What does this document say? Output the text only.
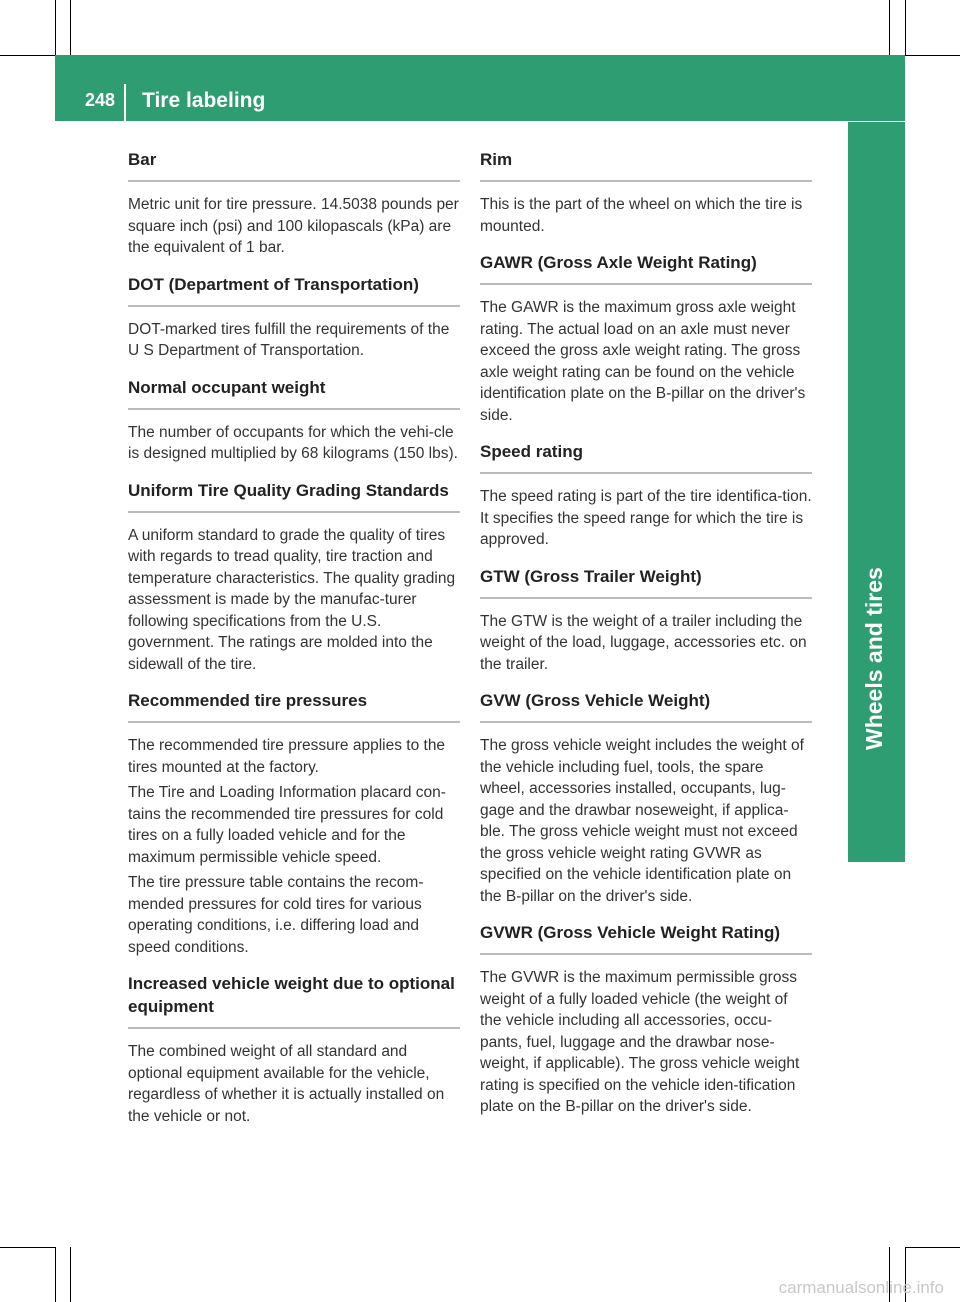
248 Tire labeling
Wheels and tires
Bar

Metric unit for tire pressure. 14.5038 pounds per square inch (psi) and 100 kilopascals (kPa) are the equivalent of 1 bar.

DOT (Department of Transportation)

DOT-marked tires fulfill the requirements of the U S Department of Transportation.

Normal occupant weight

The number of occupants for which the vehi-cle is designed multiplied by 68 kilograms (150 lbs).

Uniform Tire Quality Grading Standards

A uniform standard to grade the quality of tires with regards to tread quality, tire traction and temperature characteristics. The quality grading assessment is made by the manufac-turer following specifications from the U.S. government. The ratings are molded into the sidewall of the tire.

Recommended tire pressures

The recommended tire pressure applies to the tires mounted at the factory.

The Tire and Loading Information placard con-tains the recommended tire pressures for cold tires on a fully loaded vehicle and for the maximum permissible vehicle speed.

The tire pressure table contains the recom-mended pressures for cold tires for various operating conditions, i.e. differing load and speed conditions.

Increased vehicle weight due to optional equipment

The combined weight of all standard and optional equipment available for the vehicle, regardless of whether it is actually installed on the vehicle or not.

Rim

This is the part of the wheel on which the tire is mounted.

GAWR (Gross Axle Weight Rating)

The GAWR is the maximum gross axle weight rating. The actual load on an axle must never exceed the gross axle weight rating. The gross axle weight rating can be found on the vehicle identification plate on the B-pillar on the driver's side.

Speed rating

The speed rating is part of the tire identifica-tion. It specifies the speed range for which the tire is approved.

GTW (Gross Trailer Weight)

The GTW is the weight of a trailer including the weight of the load, luggage, accessories etc. on the trailer.

GVW (Gross Vehicle Weight)

The gross vehicle weight includes the weight of the vehicle including fuel, tools, the spare wheel, accessories installed, occupants, lug-gage and the drawbar noseweight, if applica-ble. The gross vehicle weight must not exceed the gross vehicle weight rating GVWR as specified on the vehicle identification plate on the B-pillar on the driver's side.

GVWR (Gross Vehicle Weight Rating)

The GVWR is the maximum permissible gross weight of a fully loaded vehicle (the weight of the vehicle including all accessories, occu-pants, fuel, luggage and the drawbar nose-weight, if applicable). The gross vehicle weight rating is specified on the vehicle iden-tification plate on the B-pillar on the driver's side.

carmanualsonline.info
